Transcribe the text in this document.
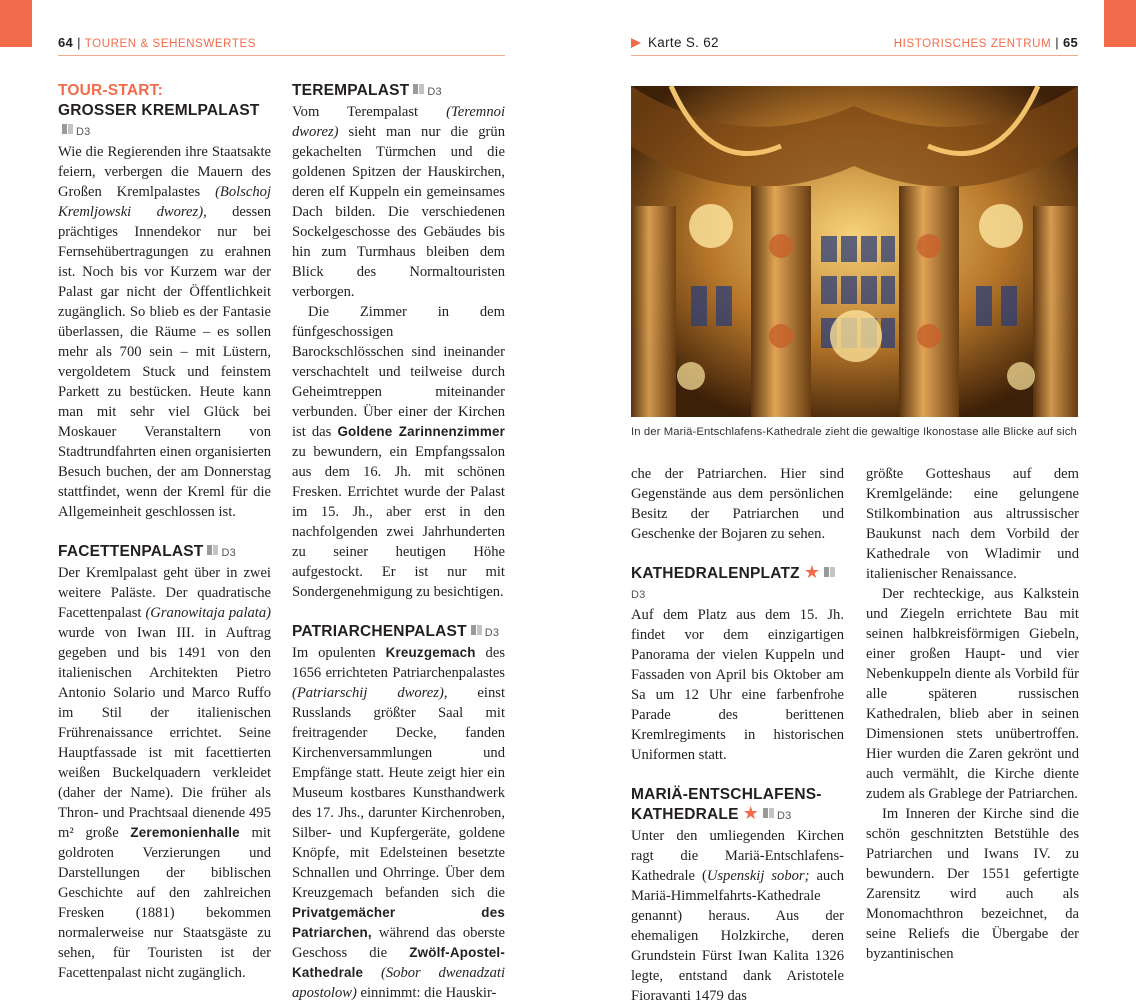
64 | TOUREN & SEHENSWERTES	Karte S. 62	HISTORISCHES ZENTRUM | 65
TOUR-START:
GROSSER KREMLPALASTD3

Wie die Regierenden ihre Staatsakte feiern, verbergen die Mauern des Großen Kremlpalastes (Bolschoj Kremljowski dworez), dessen prächtiges Innendekor nur bei Fernsehübertragungen zu erahnen ist. Noch bis vor Kurzem war der Palast gar nicht der Öffentlichkeit zugänglich. So blieb es der Fantasie überlassen, die Räume – es sollen mehr als 700 sein – mit Lüstern, vergoldetem Stuck und feinstem Parkett zu bestücken. Heute kann man mit sehr viel Glück bei Moskauer Veranstaltern von Stadtrundfahrten einen organisierten Besuch buchen, der am Donnerstag stattfindet, wenn der Kreml für die Allgemeinheit geschlossen ist.

FACETTENPALAST D3

Der Kremlpalast geht über in zwei weitere Paläste. Der quadratische Facettenpalast (Granowitaja palata) wurde von Iwan III. in Auftrag gegeben und bis 1491 von den italienischen Architekten Pietro Antonio Solario und Marco Ruffo im Stil der italienischen Frührenaissance errichtet. Seine Hauptfassade ist mit facettierten weißen Buckelquadern verkleidet (daher der Name). Die früher als Thron- und Prachtsaal dienende 495 m² große Zeremonienhalle mit goldroten Verzierungen und Darstellungen der biblischen Geschichte auf den zahlreichen Fresken (1881) bekommen normalerweise nur Staatsgäste zu sehen, für Touristen ist der Facettenpalast nicht zugänglich.

TEREMPALAST D3

Vom Terempalast (Teremnoi dworez) sieht man nur die grün gekachelten Türmchen und die goldenen Spitzen der Hauskirchen, deren elf Kuppeln ein gemeinsames Dach bilden. Die verschiedenen Sockelgeschosse des Gebäudes bis hin zum Turmhaus bleiben dem Blick des Normaltouristen verborgen.

Die Zimmer in dem fünfgeschossigen Barockschlösschen sind ineinander verschachtelt und teilweise durch Geheimtreppen miteinander verbunden. Über einer der Kirchen ist das Goldene Zarinnenzimmer zu bewundern, ein Empfangssalon aus dem 16. Jh. mit schönen Fresken. Errichtet wurde der Palast im 15. Jh., aber erst in den nachfolgenden zwei Jahrhunderten zu seiner heutigen Höhe aufgestockt. Er ist nur mit Sondergenehmigung zu besichtigen.

PATRIARCHENPALAST D3

Im opulenten Kreuzgemach des 1656 errichteten Patriarchenpalastes (Patriarschij dworez), einst Russlands größter Saal mit freitragender Decke, fanden Kirchenversammlungen und Empfänge statt. Heute zeigt hier ein Museum kostbares Kunsthandwerk des 17. Jhs., darunter Kirchenroben, Silber- und Kupfergeräte, goldene Knöpfe, mit Edelsteinen besetzte Schnallen und Ohrringe. Über dem Kreuzgemach befanden sich die Privatgemächer des Patriarchen, während das oberste Geschoss die Zwölf-Apostel-Kathedrale (Sobor dwenadzati apostolow) einnimmt: die Hauskir-

In der Mariä-Entschlafens-Kathedrale zieht die gewaltige Ikonostase alle Blicke auf sich

che der Patriarchen. Hier sind Gegenstände aus dem persönlichen Besitz der Patriarchen und Geschenke der Bojaren zu sehen.

KATHEDRALENPLATZ ★D3

Auf dem Platz aus dem 15. Jh. findet vor dem einzigartigen Panorama der vielen Kuppeln und Fassaden von April bis Oktober am Sa um 12 Uhr eine farbenfrohe Parade des berittenen Kremlregiments in historischen Uniformen statt.

MARIÄ-ENTSCHLAFENS-
KATHEDRALE ★ D3

Unter den umliegenden Kirchen ragt die Mariä-Entschlafens-Kathedrale (Uspenskij sobor; auch Mariä-Himmelfahrts-Kathedrale genannt) heraus. Aus der ehemaligen Holzkirche, deren Grundstein Fürst Iwan Kalita 1326 legte, entstand dank Aristotele Fioravanti 1479 das

größte Gotteshaus auf dem Kremlgelände: eine gelungene Stilkombination aus altrussischer Baukunst nach dem Vorbild der Kathedrale von Wladimir und italienischer Renaissance.

Der rechteckige, aus Kalkstein und Ziegeln errichtete Bau mit seinen halbkreisförmigen Giebeln, einer großen Haupt- und vier Nebenkuppeln diente als Vorbild für alle späteren russischen Kathedralen, blieb aber in seinen Dimensionen stets unübertroffen. Hier wurden die Zaren gekrönt und auch vermählt, die Kirche diente zudem als Grablege der Patriarchen.

Im Inneren der Kirche sind die schön geschnitzten Betstühle des Patriarchen und Iwans IV. zu bewundern. Der 1551 gefertigte Zarensitz wird auch als Monomachthron bezeichnet, da seine Reliefs die Übergabe der byzantinischen
